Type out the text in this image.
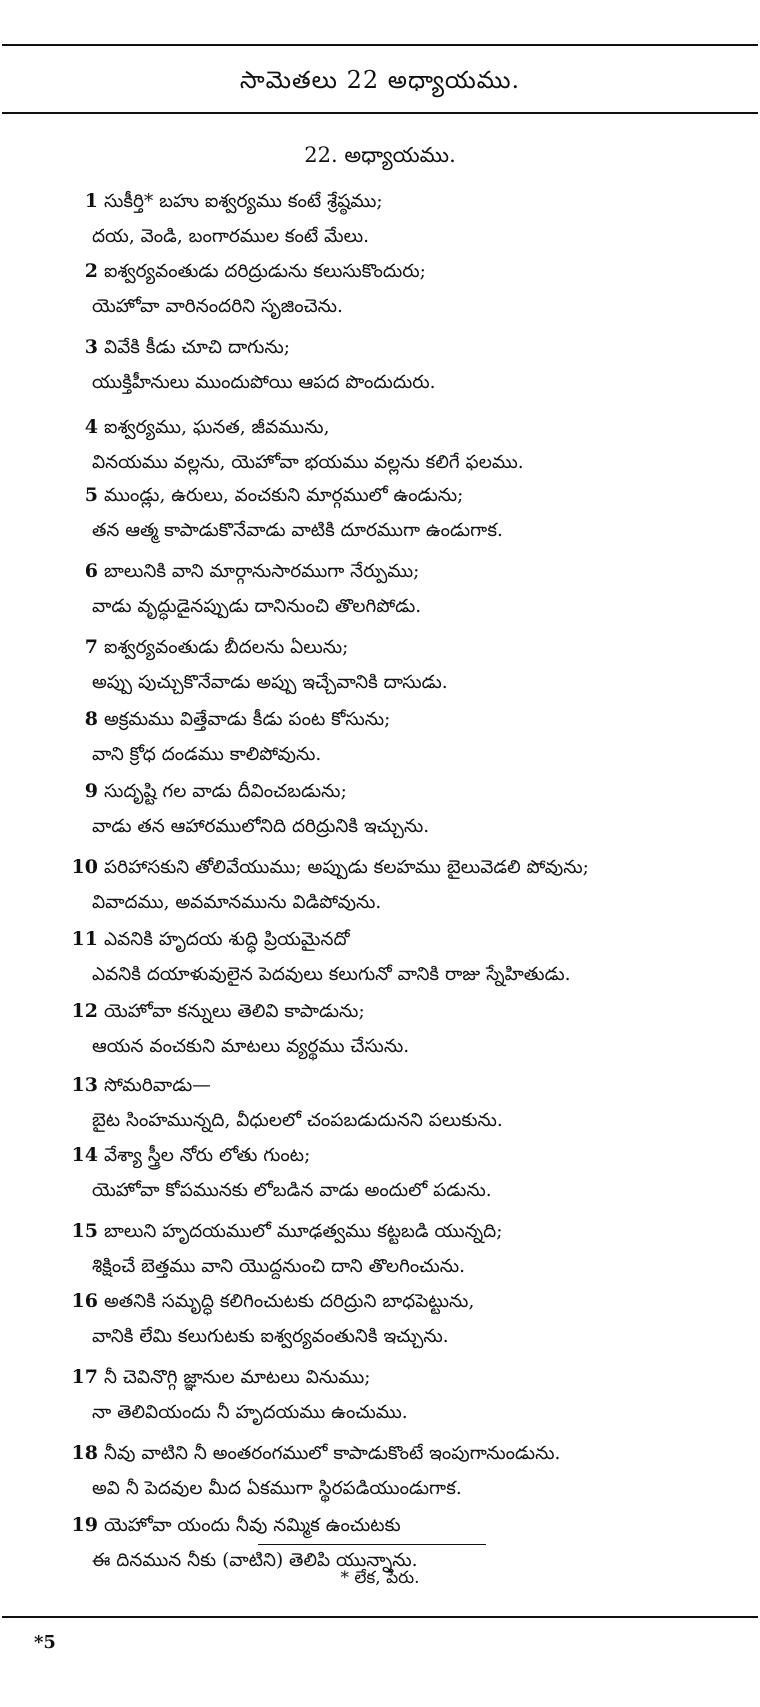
సామెతలు 22 అధ్యాయము.
22. అధ్యాయము.
1 సుకీర్తి* బహు ఐశ్వర్యము కంటే శ్రేష్ఠము;
దయ, వెండి, బంగారముల కంటే మేలు.
2 ఐశ్వర్యవంతుడు దరిద్రుడును కలుసుకొందురు;
యెహోవా వారినందరిని సృజించెను.
3 వివేకి కీడు చూచి దాగును;
యుక్తిహీనులు ముందుపోయి ఆపద పొందుదురు.
4 ఐశ్వర్యము, ఘనత, జీవమును,
వినయము వల్లను, యెహోవా భయము వల్లను కలిగే ఫలము.
5 ముండ్లు, ఉరులు, వంచకుని మార్గములో ఉండును;
తన ఆత్మ కాపాడుకొనేవాడు వాటికి దూరముగా ఉండుగాక.
6 బాలునికి వాని మార్గానుసారముగా నేర్పుము;
వాడు వృద్ధుడైనప్పుడు దానినుంచి తొలగిపోడు.
7 ఐశ్వర్యవంతుడు బీదలను ఏలును;
అప్పు పుచ్చుకొనేవాడు అప్పు ఇచ్చేవానికి దాసుడు.
8 అక్రమము విత్తేవాడు కీడు పంట కోసును;
వాని క్రోధ దండము కాలిపోవును.
9 సుదృష్టి గల వాడు దీవించబడును;
వాడు తన ఆహారములోనిది దరిద్రునికి ఇచ్చును.
10 పరిహాసకుని తోలివేయుము; అప్పుడు కలహము బైలువెడలి పోవును;
వివాదము, అవమానమును విడిపోవును.
11 ఎవనికి హృదయ శుద్ధి ప్రియమైనదో
ఎవనికి దయాళువులైన పెదవులు కలుగునో వానికి రాజు స్నేహితుడు.
12 యెహోవా కన్నులు తెలివి కాపాడును;
ఆయన వంచకుని మాటలు వ్యర్థము చేసును.
13 సోమరివాడు—
బైట సింహమున్నది, వీధులలో చంపబడుదునని పలుకును.
14 వేశ్యా స్త్రీల నోరు లోతు గుంట;
యెహోవా కోపమునకు లోబడిన వాడు అందులో పడును.
15 బాలుని హృదయములో మూఢత్వము కట్టబడి యున్నది;
శిక్షించే బెత్తము వాని యొద్దనుంచి దాని తొలగించును.
16 అతనికి సమృద్ధి కలిగించుటకు దరిద్రుని బాధపెట్టును,
వానికి లేమి కలుగుటకు ఐశ్వర్యవంతునికి ఇచ్చును.
17 నీ చెవినొగ్గి జ్ఞానుల మాటలు వినుము;
నా తెలివియందు నీ హృదయము ఉంచుము.
18 నీవు వాటిని నీ అంతరంగములో కాపాడుకొంటే ఇంపుగానుండును.
అవి నీ పెదవుల మీద ఏకముగా స్థిరపడియుండుగాక.
19 యెహోవా యందు నీవు నమ్మిక ఉంచుటకు
ఈ దినమున నీకు (వాటిని) తెలిపి యున్నాను.
* లేక, పేరు.
*5
